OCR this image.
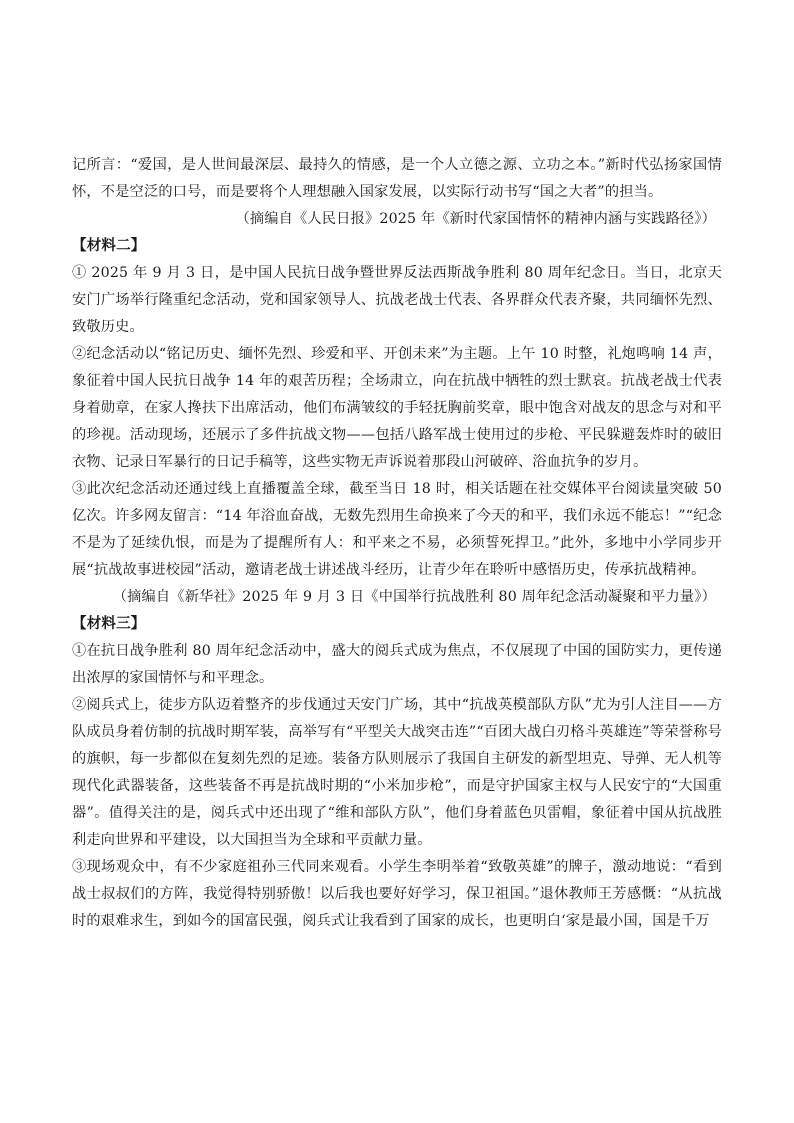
记所言：“爱国，是人世间最深层、最持久的情感，是一个人立德之源、立功之本。”新时代弘扬家国情怀，不是空泛的口号，而是要将个人理想融入国家发展，以实际行动书写“国之大者”的担当。

（摘编自《人民日报》2025 年《新时代家国情怀的精神内涵与实践路径》）

【材料二】

① 2025 年 9 月 3 日，是中国人民抗日战争暨世界反法西斯战争胜利 80 周年纪念日。当日，北京天安门广场举行隆重纪念活动，党和国家领导人、抗战老战士代表、各界群众代表齐聚，共同缅怀先烈、致敬历史。

②纪念活动以“铭记历史、缅怀先烈、珍爱和平、开创未来”为主题。上午 10 时整，礼炮鸣响 14 声，象征着中国人民抗日战争 14 年的艰苦历程；全场肃立，向在抗战中牺牲的烈士默哀。抗战老战士代表身着勋章，在家人搀扶下出席活动，他们布满皱纹的手轻抚胸前奖章，眼中饱含对战友的思念与对和平的珍视。活动现场，还展示了多件抗战文物——包括八路军战士使用过的步枪、平民躲避轰炸时的破旧衣物、记录日军暴行的日记手稿等，这些实物无声诉说着那段山河破碎、浴血抗争的岁月。

③此次纪念活动还通过线上直播覆盖全球，截至当日 18 时，相关话题在社交媒体平台阅读量突破 50 亿次。许多网友留言：“14 年浴血奋战，无数先烈用生命换来了今天的和平，我们永远不能忘！”“纪念不是为了延续仇恨，而是为了提醒所有人：和平来之不易，必须誓死捍卫。”此外，多地中小学同步开展“抗战故事进校园”活动，邀请老战士讲述战斗经历，让青少年在聆听中感悟历史，传承抗战精神。

（摘编自《新华社》2025 年 9 月 3 日《中国举行抗战胜利 80 周年纪念活动凝聚和平力量》）

【材料三】

①在抗日战争胜利 80 周年纪念活动中，盛大的阅兵式成为焦点，不仅展现了中国的国防实力，更传递出浓厚的家国情怀与和平理念。

②阅兵式上，徒步方队迈着整齐的步伐通过天安门广场，其中“抗战英模部队方队”尤为引人注目——方队成员身着仿制的抗战时期军装，高举写有“平型关大战突击连”“百团大战白刃格斗英雄连”等荣誉称号的旗帜，每一步都似在复刻先烈的足迹。装备方队则展示了我国自主研发的新型坦克、导弹、无人机等现代化武器装备，这些装备不再是抗战时期的“小米加步枪”，而是守护国家主权与人民安宁的“大国重器”。值得关注的是，阅兵式中还出现了“维和部队方队”，他们身着蓝色贝雷帽，象征着中国从抗战胜利走向世界和平建设，以大国担当为全球和平贡献力量。

③现场观众中，有不少家庭祖孙三代同来观看。小学生李明举着“致敬英雄”的牌子，激动地说：“看到战士叔叔们的方阵，我觉得特别骄傲！以后我也要好好学习，保卫祖国。”退休教师王芳感慨：“从抗战时的艰难求生，到如今的国富民强，阅兵式让我看到了国家的成长，也更明白‘家是最小国，国是千万
